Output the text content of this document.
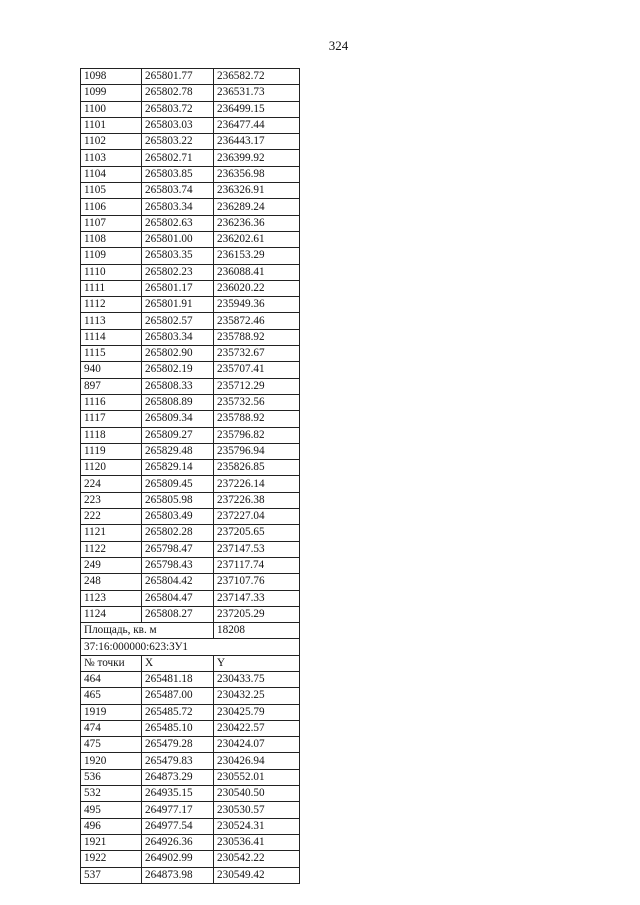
324
1098	265801.77	236582.72
1099	265802.78	236531.73
1100	265803.72	236499.15
1101	265803.03	236477.44
1102	265803.22	236443.17
1103	265802.71	236399.92
1104	265803.85	236356.98
1105	265803.74	236326.91
1106	265803.34	236289.24
1107	265802.63	236236.36
1108	265801.00	236202.61
1109	265803.35	236153.29
1110	265802.23	236088.41
1111	265801.17	236020.22
1112	265801.91	235949.36
1113	265802.57	235872.46
1114	265803.34	235788.92
1115	265802.90	235732.67
940	265802.19	235707.41
897	265808.33	235712.29
1116	265808.89	235732.56
1117	265809.34	235788.92
1118	265809.27	235796.82
1119	265829.48	235796.94
1120	265829.14	235826.85
224	265809.45	237226.14
223	265805.98	237226.38
222	265803.49	237227.04
1121	265802.28	237205.65
1122	265798.47	237147.53
249	265798.43	237117.74
248	265804.42	237107.76
1123	265804.47	237147.33
1124	265808.27	237205.29
Площадь, кв. м		18208
37:16:000000:623:ЗУ1		
№ точки	X	Y
464	265481.18	230433.75
465	265487.00	230432.25
1919	265485.72	230425.79
474	265485.10	230422.57
475	265479.28	230424.07
1920	265479.83	230426.94
536	264873.29	230552.01
532	264935.15	230540.50
495	264977.17	230530.57
496	264977.54	230524.31
1921	264926.36	230536.41
1922	264902.99	230542.22
537	264873.98	230549.42
